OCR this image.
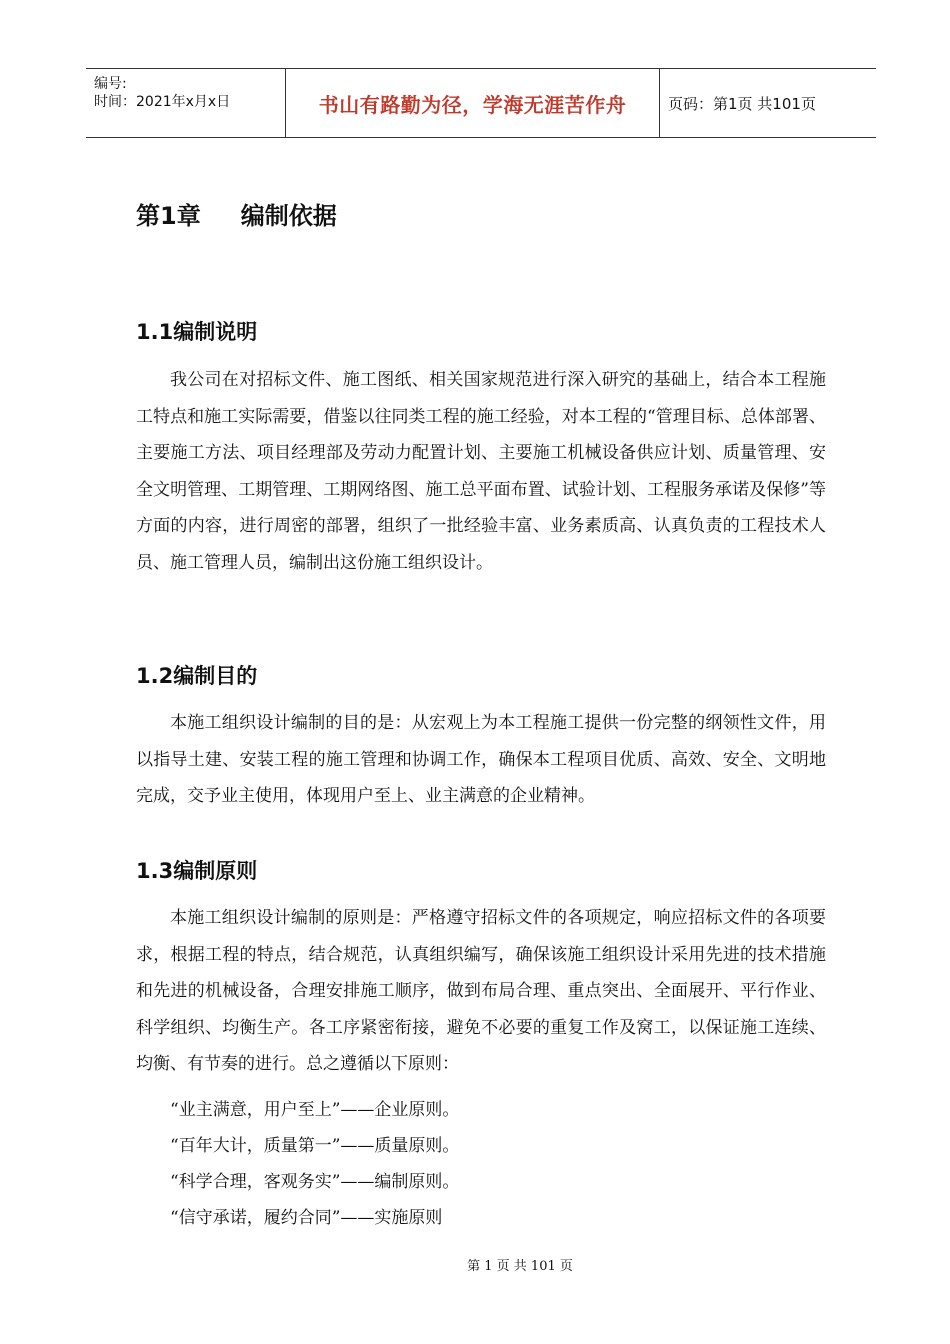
编号:
时间：2021年x月x日	书山有路勤为径，学海无涯苦作舟	页码：第1页 共101页
第1章 编制依据
1.1编制说明

我公司在对招标文件、施工图纸、相关国家规范进行深入研究的基础上，结合本工程施工特点和施工实际需要，借鉴以往同类工程的施工经验，对本工程的“管理目标、总体部署、主要施工方法、项目经理部及劳动力配置计划、主要施工机械设备供应计划、质量管理、安全文明管理、工期管理、工期网络图、施工总平面布置、试验计划、工程服务承诺及保修”等方面的内容，进行周密的部署，组织了一批经验丰富、业务素质高、认真负责的工程技术人员、施工管理人员，编制出这份施工组织设计。

1.2编制目的

本施工组织设计编制的目的是：从宏观上为本工程施工提供一份完整的纲领性文件，用以指导土建、安装工程的施工管理和协调工作，确保本工程项目优质、高效、安全、文明地完成，交予业主使用，体现用户至上、业主满意的企业精神。

1.3编制原则

本施工组织设计编制的原则是：严格遵守招标文件的各项规定，响应招标文件的各项要求，根据工程的特点，结合规范，认真组织编写，确保该施工组织设计采用先进的技术措施和先进的机械设备，合理安排施工顺序，做到布局合理、重点突出、全面展开、平行作业、科学组织、均衡生产。各工序紧密衔接，避免不必要的重复工作及窝工，以保证施工连续、均衡、有节奏的进行。总之遵循以下原则：

“业主满意，用户至上”——企业原则。
“百年大计，质量第一”——质量原则。
“科学合理，客观务实”——编制原则。
“信守承诺，履约合同”——实施原则
第 1 页 共 101 页
